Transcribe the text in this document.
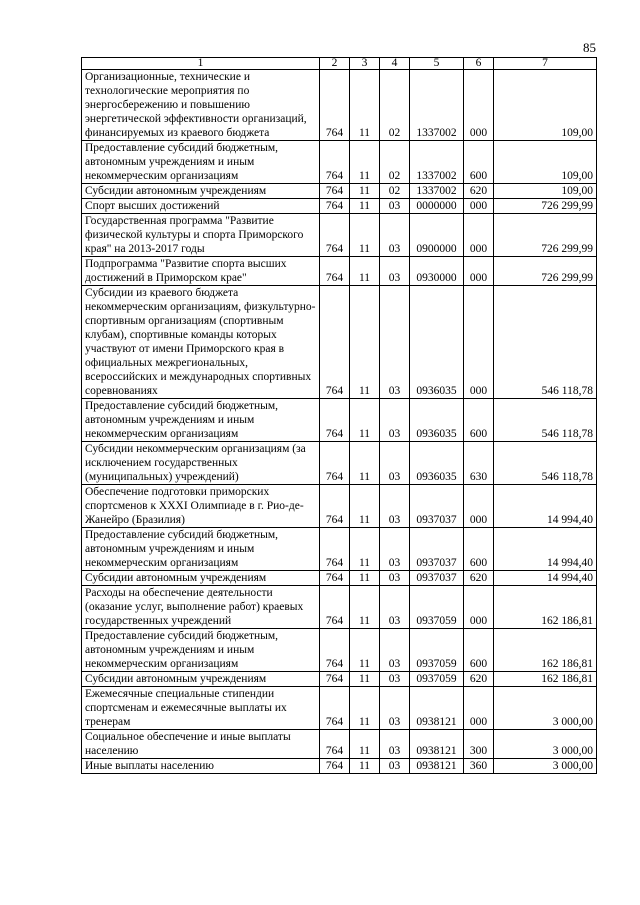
85
1	2	3	4	5	6	7
Организационные, технические и технологические мероприятия по энергосбережению и повышению энергетической эффективности организаций, финансируемых из краевого бюджета	764	11	02	1337002	000	109,00
Предоставление субсидий бюджетным, автономным учреждениям и иным некоммерческим организациям	764	11	02	1337002	600	109,00
Субсидии автономным учреждениям	764	11	02	1337002	620	109,00
Спорт высших достижений	764	11	03	0000000	000	726 299,99
Государственная программа "Развитие физической культуры и спорта Приморского края" на 2013-2017 годы	764	11	03	0900000	000	726 299,99
Подпрограмма "Развитие спорта высших достижений в Приморском крае"	764	11	03	0930000	000	726 299,99
Субсидии из краевого бюджета некоммерческим организациям, физкультурно-спортивным организациям (спортивным клубам), спортивные команды которых участвуют от имени Приморского края в официальных межрегиональных, всероссийских и международных спортивных соревнованиях	764	11	03	0936035	000	546 118,78
Предоставление субсидий бюджетным, автономным учреждениям и иным некоммерческим организациям	764	11	03	0936035	600	546 118,78
Субсидии некоммерческим организациям (за исключением государственных (муниципальных) учреждений)	764	11	03	0936035	630	546 118,78
Обеспечение подготовки приморских спортсменов к XXXI Олимпиаде в г. Рио-де-Жанейро (Бразилия)	764	11	03	0937037	000	14 994,40
Предоставление субсидий бюджетным, автономным учреждениям и иным некоммерческим организациям	764	11	03	0937037	600	14 994,40
Субсидии автономным учреждениям	764	11	03	0937037	620	14 994,40
Расходы на обеспечение деятельности (оказание услуг, выполнение работ) краевых государственных учреждений	764	11	03	0937059	000	162 186,81
Предоставление субсидий бюджетным, автономным учреждениям и иным некоммерческим организациям	764	11	03	0937059	600	162 186,81
Субсидии автономным учреждениям	764	11	03	0937059	620	162 186,81
Ежемесячные специальные стипендии спортсменам и ежемесячные выплаты их тренерам	764	11	03	0938121	000	3 000,00
Социальное обеспечение и иные выплаты населению	764	11	03	0938121	300	3 000,00
Иные выплаты населению	764	11	03	0938121	360	3 000,00
